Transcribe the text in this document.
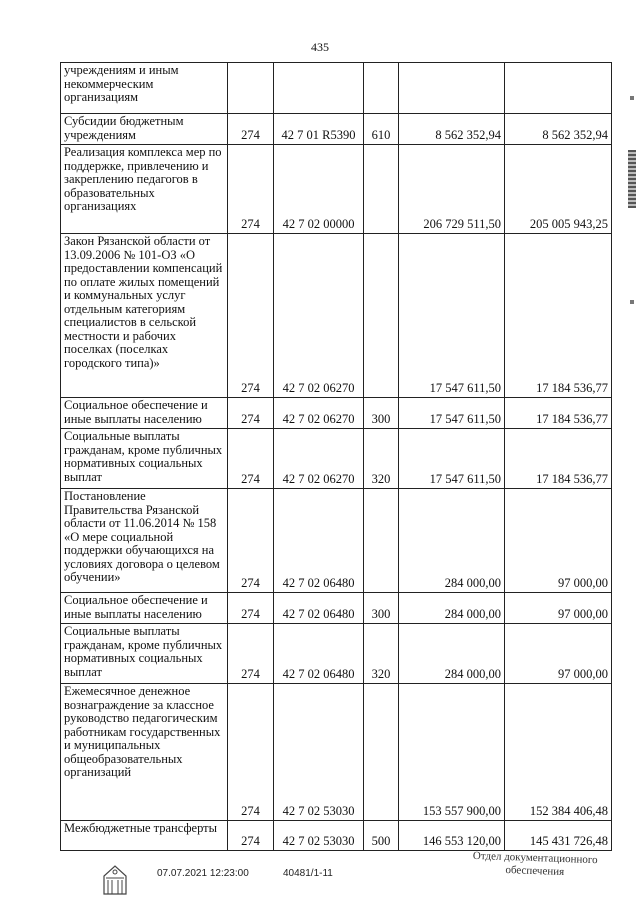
435
учреждениям и иным некоммерческим организациям					
Субсидии бюджетным учреждениям	274	42 7 01 R5390	610	8 562 352,94	8 562 352,94
Реализация комплекса мер по поддержке, привлечению и закреплению педагогов в образовательных организациях	274	42 7 02 00000		206 729 511,50	205 005 943,25
Закон Рязанской области от 13.09.2006 № 101-ОЗ «О предоставлении компенсаций по оплате жилых помещений и коммунальных услуг отдельным категориям специалистов в сельской местности и рабочих поселках (поселках городского типа)»	274	42 7 02 06270		17 547 611,50	17 184 536,77
Социальное обеспечение и иные выплаты населению	274	42 7 02 06270	300	17 547 611,50	17 184 536,77
Социальные выплаты гражданам, кроме публичных нормативных социальных выплат	274	42 7 02 06270	320	17 547 611,50	17 184 536,77
Постановление Правительства Рязанской области от 11.06.2014 № 158 «О мере социальной поддержки обучающихся на условиях договора о целевом обучении»	274	42 7 02 06480		284 000,00	97 000,00
Социальное обеспечение и иные выплаты населению	274	42 7 02 06480	300	284 000,00	97 000,00
Социальные выплаты гражданам, кроме публичных нормативных социальных выплат	274	42 7 02 06480	320	284 000,00	97 000,00
Ежемесячное денежное вознаграждение за классное руководство педагогическим работникам государственных и муниципальных общеобразовательных организаций	274	42 7 02 53030		153 557 900,00	152 384 406,48
Межбюджетные трансферты	274	42 7 02 53030	500	146 553 120,00	145 431 726,48
07.07.2021 12:23:00	40481/1-11
Отдел документационного
обеспечения
